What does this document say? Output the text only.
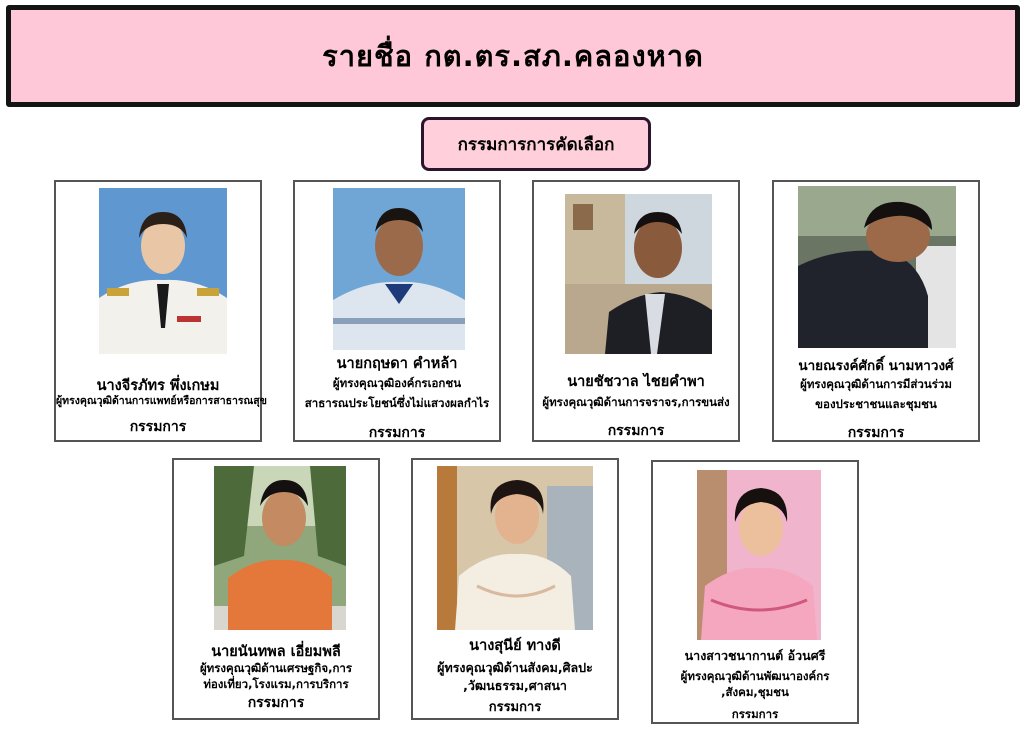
รายชื่อ กต.ตร.สภ.คลองหาด
กรรมการการคัดเลือก
นางจีรภัทร พึ่งเกษม
ผู้ทรงคุณวุฒิด้านการแพทย์หรือการสาธารณสุข
กรรมการ
นายกฤษดา คำหล้า
ผู้ทรงคุณวุฒิองค์กรเอกชน
สาธารณประโยชน์ซึ่งไม่แสวงผลกำไร
กรรมการ
นายชัชวาล ไชยคำพา
ผู้ทรงคุณวุฒิด้านการจราจร,การขนส่ง
กรรมการ
นายณรงค์ศักดิ์ นามหาวงศ์
ผู้ทรงคุณวุฒิด้านการมีส่วนร่วม
ของประชาชนและชุมชน
กรรมการ
นายนันทพล เอี่ยมพลี
ผู้ทรงคุณวุฒิด้านเศรษฐกิจ,การ
ท่องเที่ยว,โรงแรม,การบริการ
กรรมการ
นางสุนีย์ ทางดี
ผู้ทรงคุณวุฒิด้านสังคม,ศิลปะ
,วัฒนธรรม,ศาสนา
กรรมการ
นางสาวชนากานต์ อ้วนศรี
ผู้ทรงคุณวุฒิด้านพัฒนาองค์กร
,สังคม,ชุมชน
กรรมการ
